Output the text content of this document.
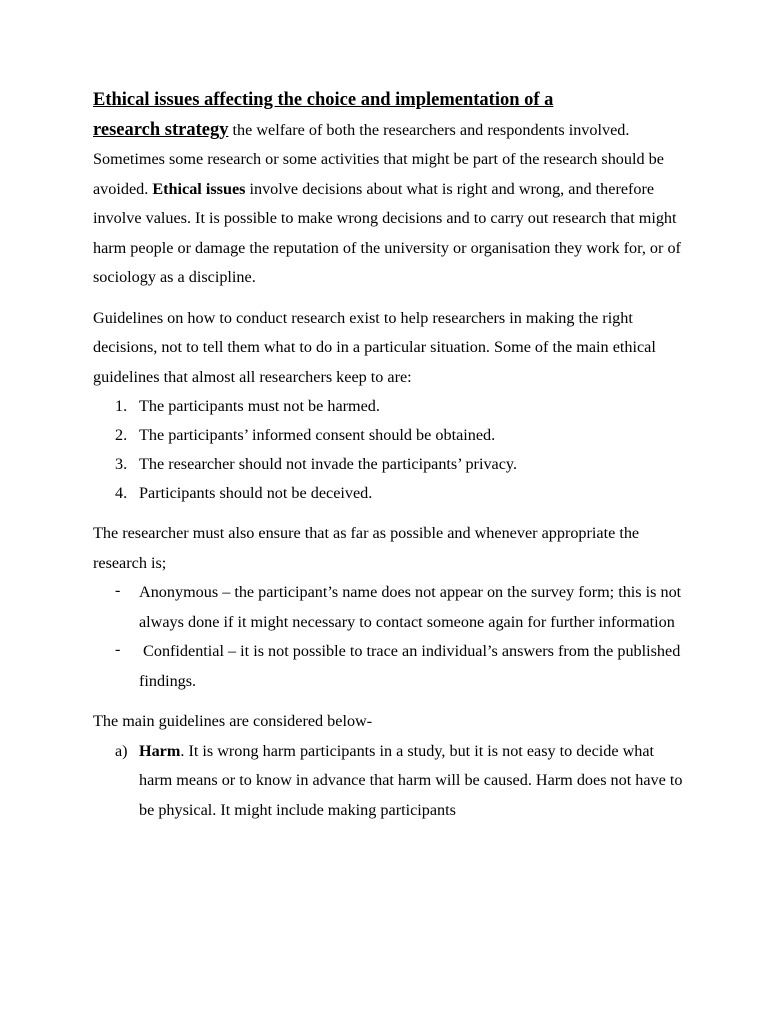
Ethical issues affecting the choice and implementation of a
research strategy the welfare of both the researchers and respondents involved. Sometimes some research or some activities that might be part of the research should be avoided. Ethical issues involve decisions about what is right and wrong, and therefore involve values. It is possible to make wrong decisions and to carry out research that might harm people or damage the reputation of the university or organisation they work for, or of sociology as a discipline.

Guidelines on how to conduct research exist to help researchers in making the right decisions, not to tell them what to do in a particular situation. Some of the main ethical guidelines that almost all researchers keep to are:

1. The participants must not be harmed.
2. The participants’ informed consent should be obtained.
3. The researcher should not invade the participants’ privacy.
4. Participants should not be deceived.

The researcher must also ensure that as far as possible and whenever appropriate the research is;

- Anonymous – the participant’s name does not appear on the survey form; this is not always done if it might necessary to contact someone again for further information
- Confidential – it is not possible to trace an individual’s answers from the published findings.

The main guidelines are considered below-

a) Harm. It is wrong harm participants in a study, but it is not easy to decide what harm means or to know in advance that harm will be caused. Harm does not have to be physical. It might include making participants
